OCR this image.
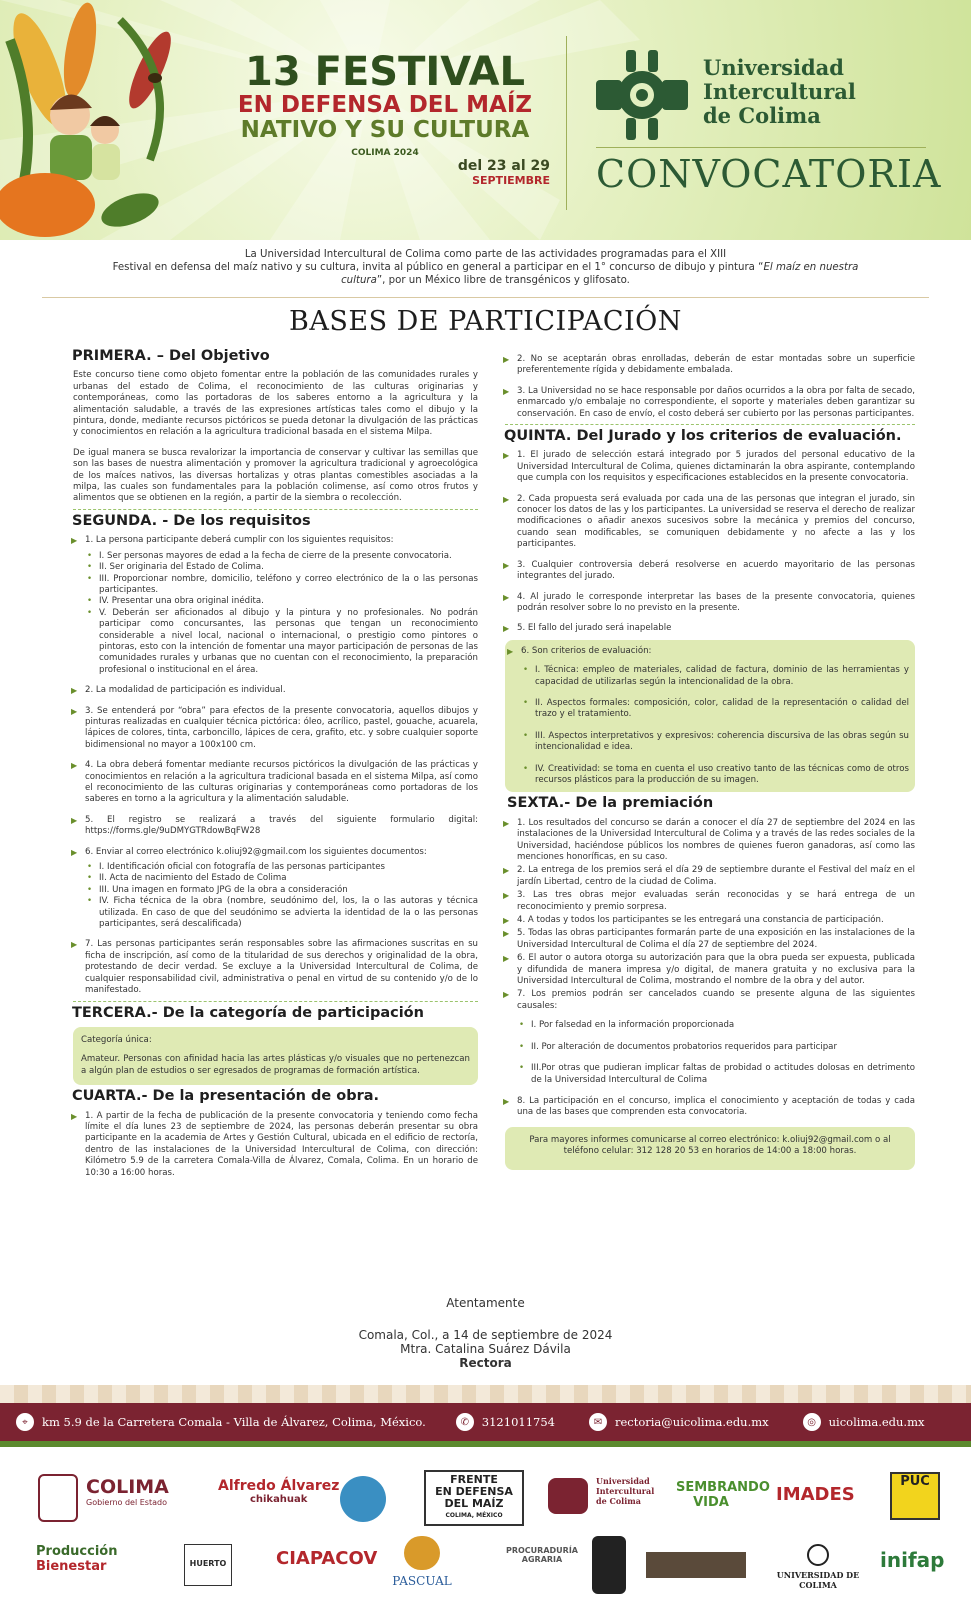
13 FESTIVAL
EN DEFENSA DEL MAÍZ
NATIVO Y SU CULTURA
COLIMA 2024
del 23 al 29
SEPTIEMBRE
Universidad
Intercultural
de Colima
CONVOCATORIA
La Universidad Intercultural de Colima como parte de las actividades programadas para el XIII
Festival en defensa del maíz nativo y su cultura, invita al público en general a participar en el 1° concurso de dibujo y pintura “El maíz en nuestra
cultura”, por un México libre de transgénicos y glifosato.
BASES DE PARTICIPACIÓN
PRIMERA. – Del Objetivo

Este concurso tiene como objeto fomentar entre la población de las comunidades rurales y urbanas del estado de Colima, el reconocimiento de las culturas originarias y contemporáneas, como las portadoras de los saberes entorno a la agricultura y la alimentación saludable, a través de las expresiones artísticas tales como el dibujo y la pintura, donde, mediante recursos pictóricos se pueda detonar la divulgación de las prácticas y conocimientos en relación a la agricultura tradicional basada en el sistema Milpa.

De igual manera se busca revalorizar la importancia de conservar y cultivar las semillas que son las bases de nuestra alimentación y promover la agricultura tradicional y agroecológica de los maíces nativos, las diversas hortalizas y otras plantas comestibles asociadas a la milpa, las cuales son fundamentales para la población colimense, así como otros frutos y alimentos que se obtienen en la región, a partir de la siembra o recolección.

SEGUNDA. - De los requisitos
▶ 1. La persona participante deberá cumplir con los siguientes requisitos:
• I. Ser personas mayores de edad a la fecha de cierre de la presente convocatoria.
• II. Ser originaria del Estado de Colima.
• III. Proporcionar nombre, domicilio, teléfono y correo electrónico de la o las personas participantes.
• IV. Presentar una obra original inédita.
• V. Deberán ser aficionados al dibujo y la pintura y no profesionales. No podrán participar como concursantes, las personas que tengan un reconocimiento considerable a nivel local, nacional o internacional, o prestigio como pintores o pintoras, esto con la intención de fomentar una mayor participación de personas de las comunidades rurales y urbanas que no cuentan con el reconocimiento, la preparación profesional o institucional en el área.
▶ 2. La modalidad de participación es individual.
▶ 3. Se entenderá por “obra” para efectos de la presente convocatoria, aquellos dibujos y pinturas realizadas en cualquier técnica pictórica: óleo, acrílico, pastel, gouache, acuarela, lápices de colores, tinta, carboncillo, lápices de cera, grafito, etc. y sobre cualquier soporte bidimensional no mayor a 100x100 cm.
▶ 4. La obra deberá fomentar mediante recursos pictóricos la divulgación de las prácticas y conocimientos en relación a la agricultura tradicional basada en el sistema Milpa, así como el reconocimiento de las culturas originarias y contemporáneas como portadoras de los saberes en torno a la agricultura y la alimentación saludable.
▶ 5. El registro se realizará a través del siguiente formulario digital: https://forms.gle/9uDMYGTRdowBqFW28
▶ 6. Enviar al correo electrónico k.oliuj92@gmail.com los siguientes documentos:
• I. Identificación oficial con fotografía de las personas participantes
• II. Acta de nacimiento del Estado de Colima
• III. Una imagen en formato JPG de la obra a consideración
• IV. Ficha técnica de la obra (nombre, seudónimo del, los, la o las autoras y técnica utilizada. En caso de que del seudónimo se advierta la identidad de la o las personas participantes, será descalificada)
▶ 7. Las personas participantes serán responsables sobre las afirmaciones suscritas en su ficha de inscripción, así como de la titularidad de sus derechos y originalidad de la obra, protestando de decir verdad. Se excluye a la Universidad Intercultural de Colima, de cualquier responsabilidad civil, administrativa o penal en virtud de su contenido y/o de lo manifestado.
TERCERA.- De la categoría de participación
Categoría única:
Amateur. Personas con afinidad hacia las artes plásticas y/o visuales que no pertenezcan a algún plan de estudios o ser egresados de programas de formación artística.
CUARTA.- De la presentación de obra.
▶ 1. A partir de la fecha de publicación de la presente convocatoria y teniendo como fecha límite el día lunes 23 de septiembre de 2024, las personas deberán presentar su obra participante en la academia de Artes y Gestión Cultural, ubicada en el edificio de rectoría, dentro de las instalaciones de la Universidad Intercultural de Colima, con dirección: Kilómetro 5.9 de la carretera Comala-Villa de Álvarez, Comala, Colima. En un horario de 10:30 a 16:00 horas.
▶ 2. No se aceptarán obras enrolladas, deberán de estar montadas sobre un superficie preferentemente rígida y debidamente embalada.
▶ 3. La Universidad no se hace responsable por daños ocurridos a la obra por falta de secado, enmarcado y/o embalaje no correspondiente, el soporte y materiales deben garantizar su conservación. En caso de envío, el costo deberá ser cubierto por las personas participantes.
QUINTA. Del Jurado y los criterios de evaluación.
▶ 1. El jurado de selección estará integrado por 5 jurados del personal educativo de la Universidad Intercultural de Colima, quienes dictaminarán la obra aspirante, contemplando que cumpla con los requisitos y especificaciones establecidos en la presente convocatoria.
▶ 2. Cada propuesta será evaluada por cada una de las personas que integran el jurado, sin conocer los datos de las y los participantes. La universidad se reserva el derecho de realizar modificaciones o añadir anexos sucesivos sobre la mecánica y premios del concurso, cuando sean modificables, se comuniquen debidamente y no afecte a las y los participantes.
▶ 3. Cualquier controversia deberá resolverse en acuerdo mayoritario de las personas integrantes del jurado.
▶ 4. Al jurado le corresponde interpretar las bases de la presente convocatoria, quienes podrán resolver sobre lo no previsto en la presente.
▶ 5. El fallo del jurado será inapelable
▶ 6. Son criterios de evaluación:
• I. Técnica: empleo de materiales, calidad de factura, dominio de las herramientas y capacidad de utilizarlas según la intencionalidad de la obra.
• II. Aspectos formales: composición, color, calidad de la representación o calidad del trazo y el tratamiento.
• III. Aspectos interpretativos y expresivos: coherencia discursiva de las obras según su intencionalidad e idea.
• IV. Creatividad: se toma en cuenta el uso creativo tanto de las técnicas como de otros recursos plásticos para la producción de su imagen.
SEXTA.- De la premiación
▶ 1. Los resultados del concurso se darán a conocer el día 27 de septiembre del 2024 en las instalaciones de la Universidad Intercultural de Colima y a través de las redes sociales de la Universidad, haciéndose públicos los nombres de quienes fueron ganadoras, así como las menciones honoríficas, en su caso.
▶ 2. La entrega de los premios será el día 29 de septiembre durante el Festival del maíz en el jardín Libertad, centro de la ciudad de Colima.
▶ 3. Las tres obras mejor evaluadas serán reconocidas y se hará entrega de un reconocimiento y premio sorpresa.
▶ 4. A todas y todos los participantes se les entregará una constancia de participación.
▶ 5. Todas las obras participantes formarán parte de una exposición en las instalaciones de la Universidad Intercultural de Colima el día 27 de septiembre del 2024.
▶ 6. El autor o autora otorga su autorización para que la obra pueda ser expuesta, publicada y difundida de manera impresa y/o digital, de manera gratuita y no exclusiva para la Universidad Intercultural de Colima, mostrando el nombre de la obra y del autor.
▶ 7. Los premios podrán ser cancelados cuando se presente alguna de las siguientes causales:
• I. Por falsedad en la información proporcionada
• II. Por alteración de documentos probatorios requeridos para participar
• III.Por otras que pudieran implicar faltas de probidad o actitudes dolosas en detrimento de la Universidad Intercultural de Colima
▶ 8. La participación en el concurso, implica el conocimiento y aceptación de todas y cada una de las bases que comprenden esta convocatoria.
Para mayores informes comunicarse al correo electrónico: k.oliuj92@gmail.com o al teléfono celular: 312 128 20 53 en horarios de 14:00 a 18:00 horas.
Atentamente
Comala, Col., a 14 de septiembre de 2024
Mtra. Catalina Suárez Dávila
Rectora
⌖	km 5.9 de la Carretera Comala - Villa de Álvarez, Colima, México.	✆	3121011754	✉	rectoria@uicolima.edu.mx	◎	uicolima.edu.mx
COLIMA
Gobierno del Estado
Alfredo Álvarez
chikahuak
FRENTE
EN DEFENSA
DEL MAÍZ
COLIMA, MÉXICO
Universidad Intercultural de Colima
SEMBRANDO VIDA	IMADES
PUC
Producción
Bienestar	HUERTO	CIAPACOV
PASCUAL
PROCURADURÍA AGRARIA
UNIVERSIDAD DE COLIMA
inifap
